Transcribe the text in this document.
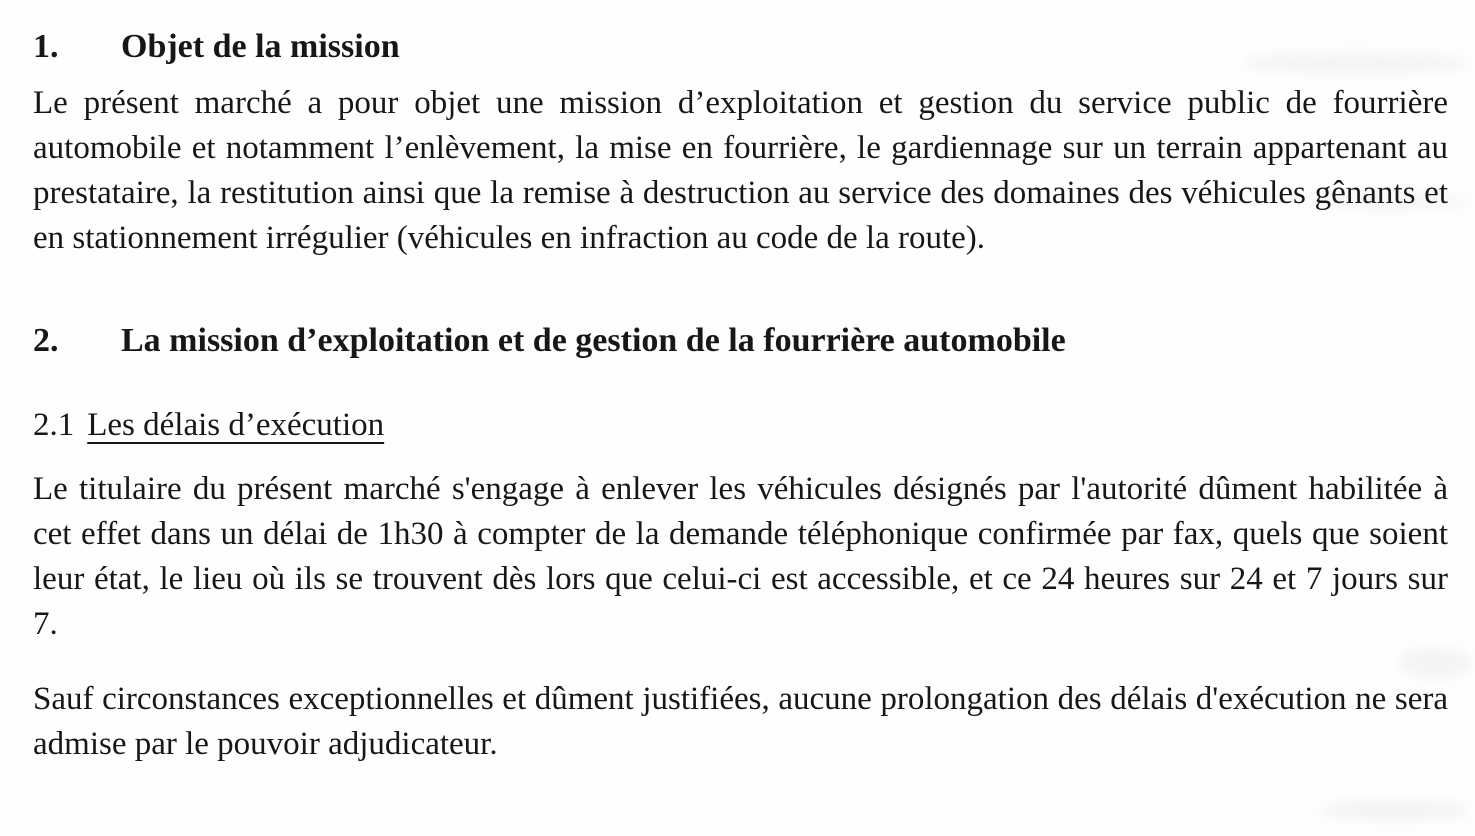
1. Objet de la mission

Le présent marché a pour objet une mission d’exploitation et gestion du service public de fourrière automobile et notamment l’enlèvement, la mise en fourrière, le gardiennage sur un terrain appartenant au prestataire, la restitution ainsi que la remise à destruction au service des domaines des véhicules gênants et en stationnement irrégulier (véhicules en infraction au code de la route).

2. La mission d’exploitation et de gestion de la fourrière automobile
2.1 Les délais d’exécution

Le titulaire du présent marché s'engage à enlever les véhicules désignés par l'autorité dûment habilitée à cet effet dans un délai de 1h30 à compter de la demande téléphonique confirmée par fax, quels que soient leur état, le lieu où ils se trouvent dès lors que celui-ci est accessible, et ce 24 heures sur 24 et 7 jours sur 7.

Sauf circonstances exceptionnelles et dûment justifiées, aucune prolongation des délais d'exécution ne sera admise par le pouvoir adjudicateur.
